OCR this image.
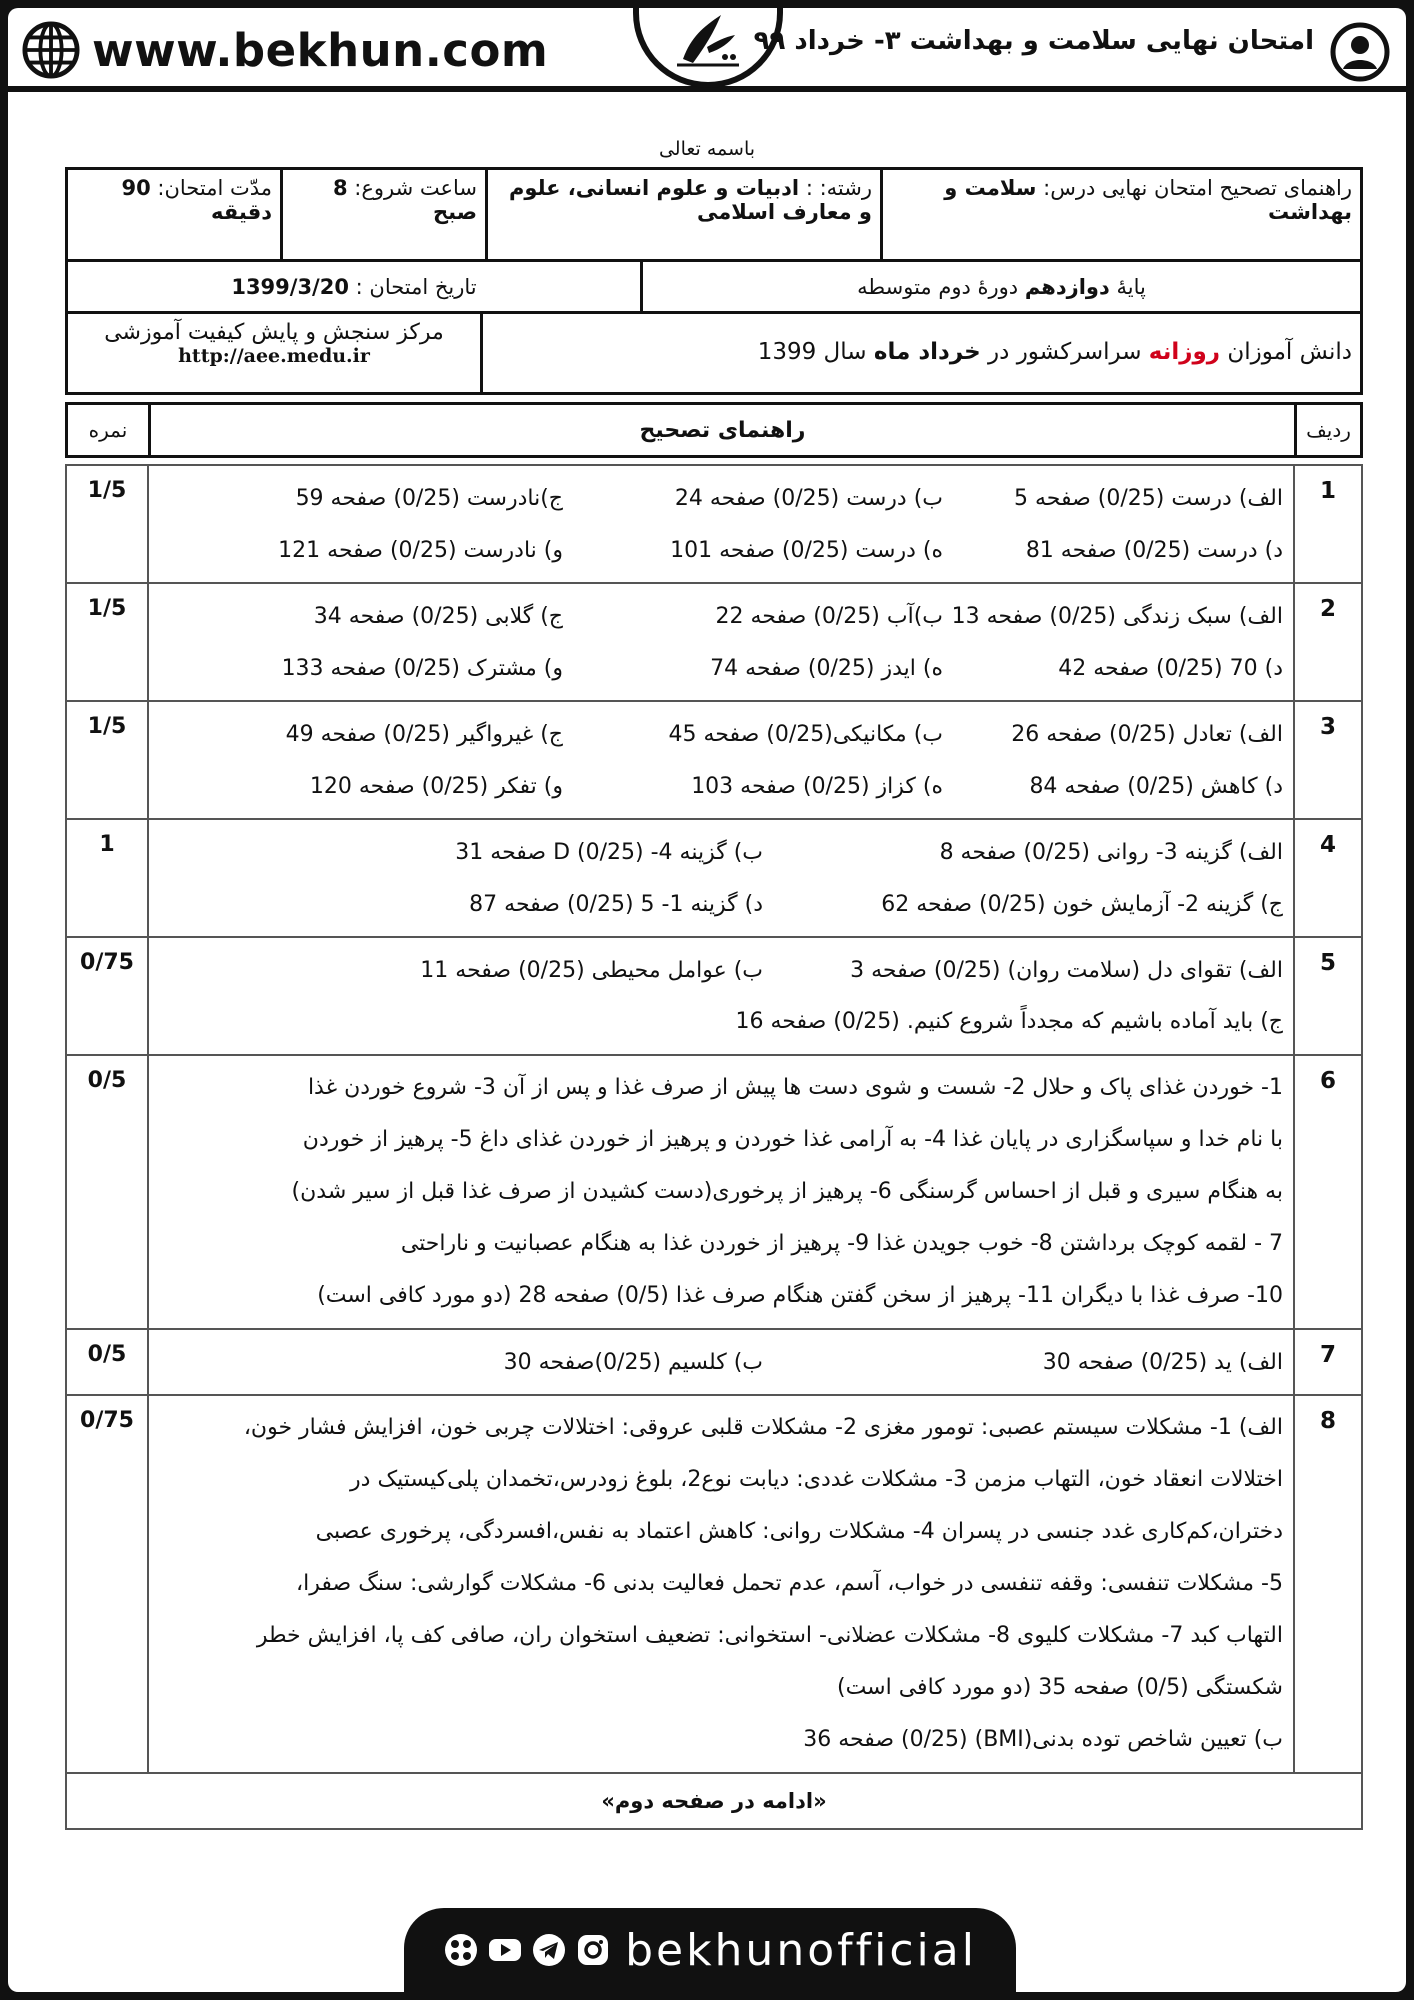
www.bekhun.com	امتحان نهایی سلامت و بهداشت ۳- خرداد ۹۹
باسمه تعالی
راهنمای تصحیح امتحان نهایی درس: سلامت و بهداشت
رشته: : ادبیات و علوم انسانی، علوم و معارف اسلامی
ساعت شروع: 8 صبح
مدّت امتحان: 90 دقیقه
پایۀ دوازدهم دورۀ دوم متوسطه
تاریخ امتحان : 1399/3/20
دانش آموزان روزانه سراسرکشور در خرداد ماه سال 1399
مرکز سنجش و پایش کیفیت آموزشی
http://aee.medu.ir
ردیف
راهنمای تصحیح
نمره
1
الف) درست (0/25) صفحه 5
ب) درست (0/25) صفحه 24
ج)نادرست (0/25) صفحه 59
د) درست (0/25) صفحه 81
ه) درست (0/25) صفحه 101
و) نادرست (0/25) صفحه 121
1/5
2
الف) سبک زندگی (0/25) صفحه 13
ب)آب (0/25) صفحه 22
ج) گلابی (0/25) صفحه 34
د) 70 (0/25) صفحه 42
ه) ایدز (0/25) صفحه 74
و) مشترک (0/25) صفحه 133
1/5
3
الف) تعادل (0/25) صفحه 26
ب) مکانیکی(0/25) صفحه 45
ج) غیرواگیر (0/25) صفحه 49
د) کاهش (0/25) صفحه 84
ه) کزاز (0/25) صفحه 103
و) تفکر (0/25) صفحه 120
1/5
4
الف) گزینه 3- روانی (0/25) صفحه 8
ب) گزینه 4- D (0/25) صفحه 31
ج) گزینه 2- آزمایش خون (0/25) صفحه 62
د) گزینه 1- 5 (0/25) صفحه 87
1
5
الف) تقوای دل (سلامت روان) (0/25) صفحه 3
ب) عوامل محیطی (0/25) صفحه 11
ج) باید آماده باشیم که مجدداً شروع کنیم. (0/25) صفحه 16
0/75
6
1- خوردن غذای پاک و حلال 2- شست و شوی دست ها پیش از صرف غذا و پس از آن 3- شروع خوردن غذا
با نام خدا و سپاسگزاری در پایان غذا 4- به آرامی غذا خوردن و پرهیز از خوردن غذای داغ 5- پرهیز از خوردن
به هنگام سیری و قبل از احساس گرسنگی 6- پرهیز از پرخوری(دست کشیدن از صرف غذا قبل از سیر شدن)
7 - لقمه کوچک برداشتن 8- خوب جویدن غذا 9- پرهیز از خوردن غذا به هنگام عصبانیت و ناراحتی
10- صرف غذا با دیگران 11- پرهیز از سخن گفتن هنگام صرف غذا (0/5) صفحه 28 (دو مورد کافی است)
0/5
7
الف) ید (0/25) صفحه 30
ب) کلسیم (0/25)صفحه 30
0/5
8
الف) 1- مشکلات سیستم عصبی: تومور مغزی 2- مشکلات قلبی عروقی: اختلالات چربی خون، افزایش فشار خون،
اختلالات انعقاد خون، التهاب مزمن 3- مشکلات غددی: دیابت نوع2، بلوغ زودرس،تخمدان پلی‌کیستیک در
دختران،کم‌کاری غدد جنسی در پسران 4- مشکلات روانی: کاهش اعتماد به نفس،افسردگی، پرخوری عصبی
5- مشکلات تنفسی: وقفه تنفسی در خواب، آسم، عدم تحمل فعالیت بدنی 6- مشکلات گوارشی: سنگ صفرا،
التهاب کبد 7- مشکلات کلیوی 8- مشکلات عضلانی- استخوانی: تضعیف استخوان ران، صافی کف پا، افزایش خطر
شکستگی (0/5) صفحه 35 (دو مورد کافی است)
ب) تعیین شاخص توده بدنی(BMI) (0/25) صفحه 36
0/75
«ادامه در صفحه دوم»
bekhunofficial
